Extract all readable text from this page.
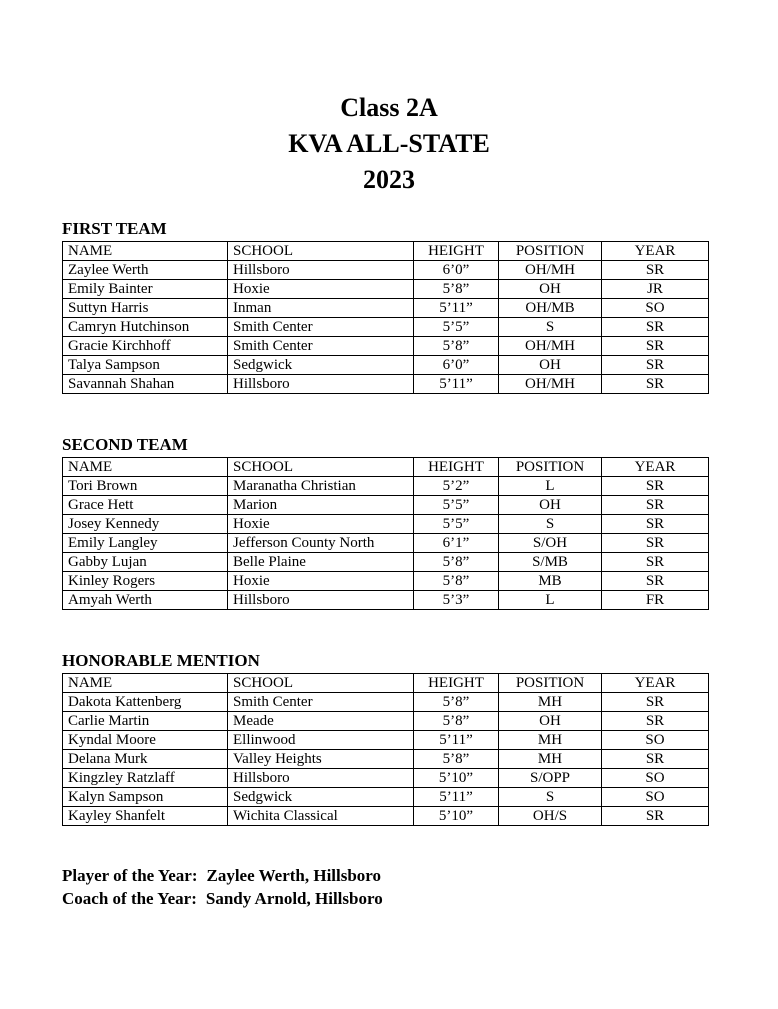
Class 2A
KVA ALL-STATE
2023
FIRST TEAM
NAME	SCHOOL	HEIGHT	POSITION	YEAR
Zaylee Werth	Hillsboro	6’0”	OH/MH	SR
Emily Bainter	Hoxie	5’8”	OH	JR
Suttyn Harris	Inman	5’11”	OH/MB	SO
Camryn Hutchinson	Smith Center	5’5”	S	SR
Gracie Kirchhoff	Smith Center	5’8”	OH/MH	SR
Talya Sampson	Sedgwick	6’0”	OH	SR
Savannah Shahan	Hillsboro	5’11”	OH/MH	SR
SECOND TEAM
NAME	SCHOOL	HEIGHT	POSITION	YEAR
Tori Brown	Maranatha Christian	5’2”	L	SR
Grace Hett	Marion	5’5”	OH	SR
Josey Kennedy	Hoxie	5’5”	S	SR
Emily Langley	Jefferson County North	6’1”	S/OH	SR
Gabby Lujan	Belle Plaine	5’8”	S/MB	SR
Kinley Rogers	Hoxie	5’8”	MB	SR
Amyah Werth	Hillsboro	5’3”	L	FR
HONORABLE MENTION
NAME	SCHOOL	HEIGHT	POSITION	YEAR
Dakota Kattenberg	Smith Center	5’8”	MH	SR
Carlie Martin	Meade	5’8”	OH	SR
Kyndal Moore	Ellinwood	5’11”	MH	SO
Delana Murk	Valley Heights	5’8”	MH	SR
Kingzley Ratzlaff	Hillsboro	5’10”	S/OPP	SO
Kalyn Sampson	Sedgwick	5’11”	S	SO
Kayley Shanfelt	Wichita Classical	5’10”	OH/S	SR
Player of the Year: Zaylee Werth, Hillsboro
Coach of the Year: Sandy Arnold, Hillsboro
